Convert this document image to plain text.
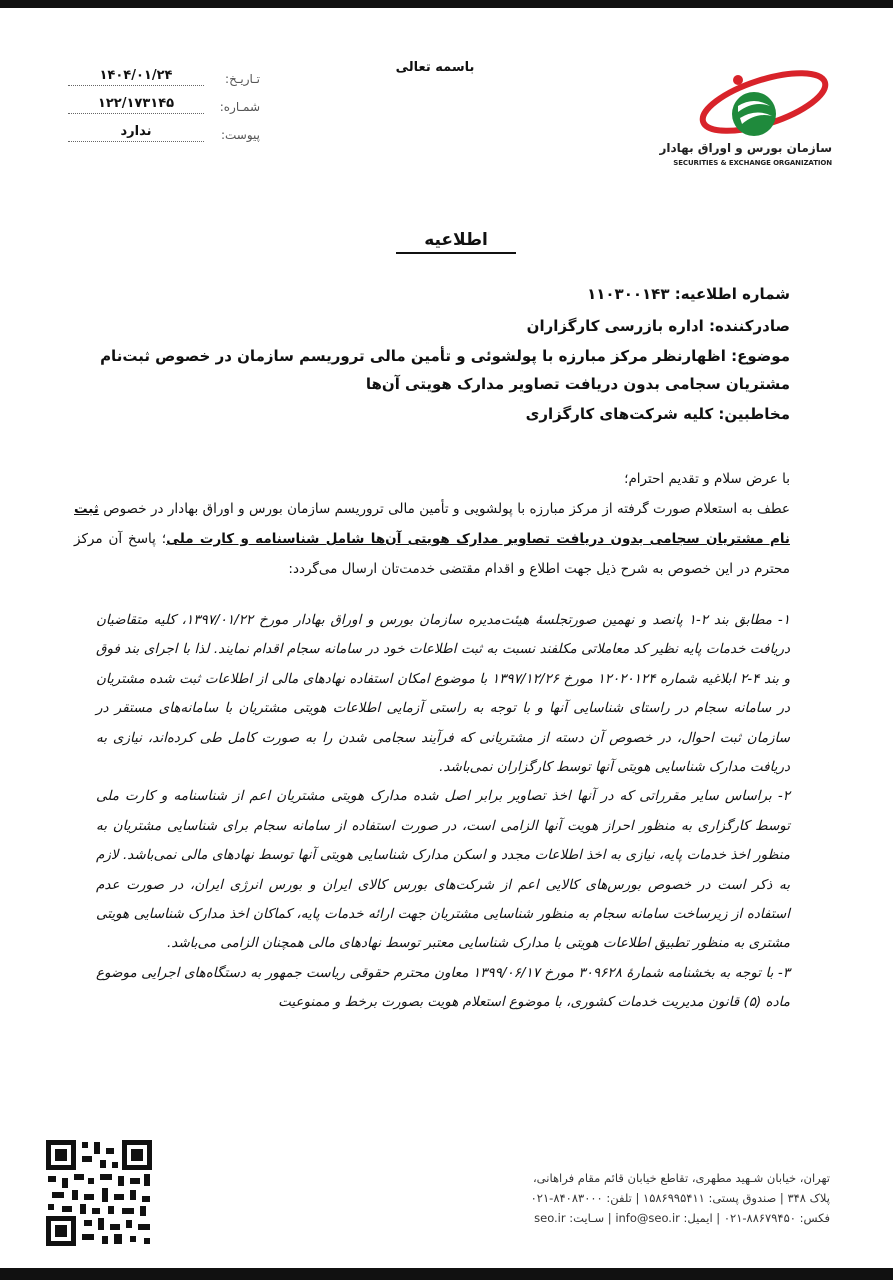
سازمان بورس و اوراق بهادار
SECURITIES & EXCHANGE ORGANIZATION
باسمه تعالی
تـاریـخ:
۱۴۰۴/۰۱/۲۴
شمـاره:
۱۲۲/۱۷۳۱۴۵
پیوست:
ندارد
اطلاعیه
شماره اطلاعیه: ۱۱۰۳۰۰۱۴۳
صادرکننده: اداره بازرسی کارگزاران
موضوع: اظهارنظر مرکز مبارزه با پولشوئی و تأمین مالی تروریسم سازمان در خصوص ثبت‌نام مشتریان سجامی بدون دریافت تصاویر مدارک هویتی آن‌ها
مخاطبین: کلیه شرکت‌های کارگزاری

با عرض سلام و تقدیم احترام؛

عطف به استعلام صورت گرفته از مرکز مبارزه با پولشویی و تأمین مالی تروریسم سازمان بورس و اوراق بهادار در خصوص ثبت نام مشتریان سجامی بدون دریافت تصاویر مدارک هویتی آن‌ها شامل شناسنامه و کارت ملی؛ پاسخ آن مرکز محترم در این خصوص به شرح ذیل جهت اطلاع و اقدام مقتضی خدمت‌تان ارسال می‌گردد:

۱- مطابق بند ۲-۱ پانصد و نهمین صورتجلسهٔ هیئت‌مدیره سازمان بورس و اوراق بهادار مورخ ۱۳۹۷/۰۱/۲۲، کلیه متقاضیان دریافت خدمات پایه نظیر کد معاملاتی مکلفند نسبت به ثبت اطلاعات خود در سامانه سجام اقدام نمایند. لذا با اجرای بند فوق و بند ۴-۲ ابلاغیه شماره ۱۲۰۲۰۱۲۴ مورخ ۱۳۹۷/۱۲/۲۶ با موضوع امکان استفاده نهادهای مالی از اطلاعات ثبت شده مشتریان در سامانه سجام در راستای شناسایی آنها و با توجه به راستی آزمایی اطلاعات هویتی مشتریان با سامانه‌های مستقر در سازمان ثبت احوال، در خصوص آن دسته از مشتریانی که فرآیند سجامی شدن را به صورت کامل طی کرده‌اند، نیازی به دریافت مدارک شناسایی هویتی آنها توسط کارگزاران نمی‌باشد.

۲- براساس سایر مقرراتی که در آنها اخذ تصاویر برابر اصل شده مدارک هویتی مشتریان اعم از شناسنامه و کارت ملی توسط کارگزاری به منظور احراز هویت آنها الزامی است، در صورت استفاده از سامانه سجام برای شناسایی مشتریان به منظور اخذ خدمات پایه، نیازی به اخذ اطلاعات مجدد و اسکن مدارک شناسایی هویتی آنها توسط نهادهای مالی نمی‌باشد. لازم به ذکر است در خصوص بورس‌های کالایی اعم از شرکت‌های بورس کالای ایران و بورس انرژی ایران، در صورت عدم استفاده از زیرساخت سامانه سجام به منظور شناسایی مشتریان جهت ارائه خدمات پایه، کماکان اخذ مدارک شناسایی هویتی مشتری به منظور تطبیق اطلاعات هویتی با مدارک شناسایی معتبر توسط نهادهای مالی همچنان الزامی می‌باشد.

۳- با توجه به بخشنامه شمارهٔ ۳۰۹۶۲۸ مورخ ۱۳۹۹/۰۶/۱۷ معاون محترم حقوقی ریاست جمهور به دستگاه‌های اجرایی موضوع ماده (۵) قانون مدیریت خدمات کشوری، با موضوع استعلام هویت بصورت برخط و ممنوعیت

تهران، خیابان شـهید مطهری، تقاطع خیابان قائم مقام فراهانی،
پلاک ۳۴۸ | صندوق پستی: ۱۵۸۶۹۹۵۴۱۱ | تلفن: ۸۴۰۸۳۰۰۰-۰۲۱
فکس: ۸۸۶۷۹۴۵۰-۰۲۱ | ایمیل: info@seo.ir | سـایت: seo.ir
